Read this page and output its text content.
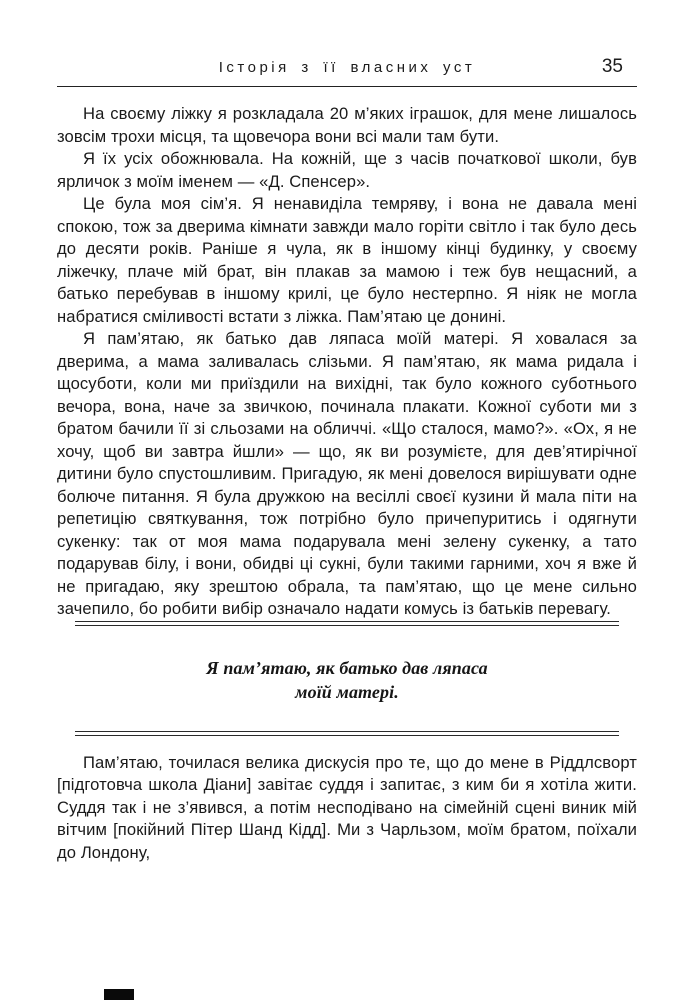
Історія з її власних уст	35

На своєму ліжку я розкладала 20 м’яких іграшок, для мене лишалось зовсім трохи місця, та щовечора вони всі мали там бути.

Я їх усіх обожнювала. На кожній, ще з часів початкової школи, був ярличок з моїм іменем — «Д. Спенсер».

Це була моя сім’я. Я ненавиділа темряву, і вона не давала мені спокою, тож за дверима кімнати завжди мало горіти світло і так було десь до десяти років. Раніше я чула, як в іншому кінці будинку, у своєму ліжечку, плаче мій брат, він плакав за мамою і теж був нещасний, а батько перебував в іншому крилі, це було нестерпно. Я ніяк не могла набратися сміливості встати з ліжка. Пам’ятаю це донині.

Я пам’ятаю, як батько дав ляпаса моїй матері. Я ховалася за дверима, а мама заливалась слізьми. Я пам’ятаю, як мама ридала і щосуботи, коли ми приїздили на вихідні, так було кожного суботнього вечора, вона, наче за звичкою, починала плакати. Кожної суботи ми з братом бачили її зі сльозами на обличчі. «Що сталося, мамо?». «Ох, я не хочу, щоб ви завтра йшли» — що, як ви розумієте, для дев’ятирічної дитини було спустошливим. Пригадую, як мені довелося вирішувати одне болюче питання. Я була дружкою на весіллі своєї кузини й мала піти на репетицію святкування, тож потрібно було причепуритись і одягнути сукенку: так от моя мама подарувала мені зелену сукенку, а тато подарував білу, і вони, обидві ці сукні, були такими гарними, хоч я вже й не пригадаю, яку зрештою обрала, та пам’ятаю, що це мене сильно зачепило, бо робити вибір означало надати комусь із батьків перевагу.

Я пам’ятаю, як батько дав ляпаса
моїй матері.

Пам’ятаю, точилася велика дискусія про те, що до мене в Ріддлсворт [підготовча школа Діани] завітає суддя і запитає, з ким би я хотіла жити. Суддя так і не з’явився, а потім несподівано на сімейній сцені виник мій вітчим [покійний Пітер Шанд Кідд]. Ми з Чарльзом, моїм братом, поїхали до Лондону,
